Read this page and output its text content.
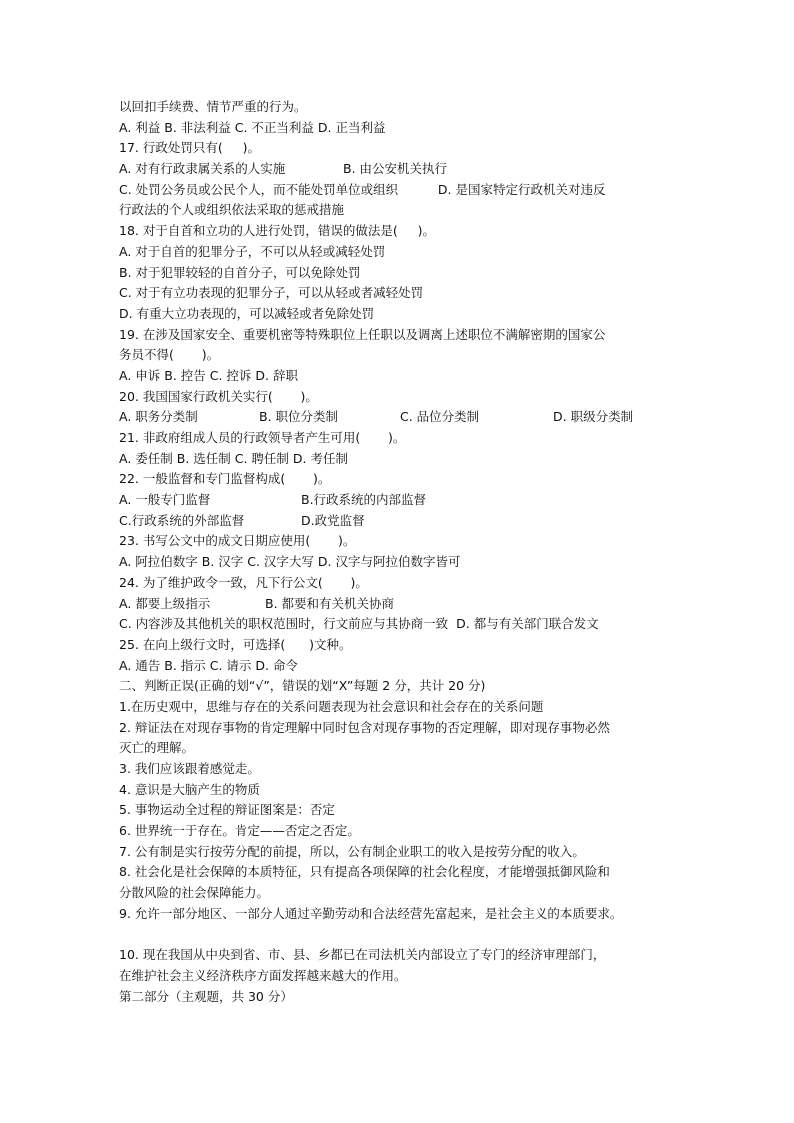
以回扣手续费、情节严重的行为。
A. 利益 B. 非法利益 C. 不正当利益 D. 正当利益
17. 行政处罚只有(     )。
A. 对有行政隶属关系的人实施	B. 由公安机关执行
C. 处罚公务员或公民个人，而不能处罚单位或组织          D. 是国家特定行政机关对违反
行政法的个人或组织依法采取的惩戒措施
18. 对于自首和立功的人进行处罚，错误的做法是(     )。
A. 对于自首的犯罪分子，不可以从轻或减轻处罚
B. 对于犯罪较轻的自首分子，可以免除处罚
C. 对于有立功表现的犯罪分子，可以从轻或者减轻处罚
D. 有重大立功表现的，可以减轻或者免除处罚
19. 在涉及国家安全、重要机密等特殊职位上任职以及调离上述职位不满解密期的国家公
务员不得(       )。
A. 申诉 B. 控告 C. 控诉 D. 辞职
20. 我国国家行政机关实行(       )。
A. 职务分类制	B. 职位分类制	C. 品位分类制	D. 职级分类制
21. 非政府组成人员的行政领导者产生可用(       )。
A. 委任制 B. 选任制 C. 聘任制 D. 考任制
22. 一般监督和专门监督构成(       )。
A. 一般专门监督	B.行政系统的内部监督
C.行政系统的外部监督	D.政党监督
23. 书写公文中的成文日期应使用(       )。
A. 阿拉伯数字 B. 汉字 C. 汉字大写 D. 汉字与阿拉伯数字皆可
24. 为了维护政令一致，凡下行公文(       )。
A. 都要上级指示	B. 都要和有关机关协商
C. 内容涉及其他机关的职权范围时，行文前应与其协商一致  D. 都与有关部门联合发文
25. 在向上级行文时，可选择(      )文种。
A. 通告 B. 指示 C. 请示 D. 命令
二、判断正误(正确的划“√”，错误的划“X”每题 2 分，共计 20 分)
1.在历史观中，思维与存在的关系问题表现为社会意识和社会存在的关系问题
2. 辩证法在对现存事物的肯定理解中同时包含对现存事物的否定理解，即对现存事物必然
灭亡的理解。
3. 我们应该跟着感觉走。
4. 意识是大脑产生的物质
5. 事物运动全过程的辩证图案是：否定
6. 世界统一于存在。肯定——否定之否定。
7. 公有制是实行按劳分配的前提，所以，公有制企业职工的收入是按劳分配的收入。
8. 社会化是社会保障的本质特征，只有提高各项保障的社会化程度，才能增强抵御风险和
分散风险的社会保障能力。
9. 允许一部分地区、一部分人通过辛勤劳动和合法经营先富起来，是社会主义的本质要求。
10. 现在我国从中央到省、市、县、乡都已在司法机关内部设立了专门的经济审理部门，
在维护社会主义经济秩序方面发挥越来越大的作用。
第二部分（主观题，共 30 分）
